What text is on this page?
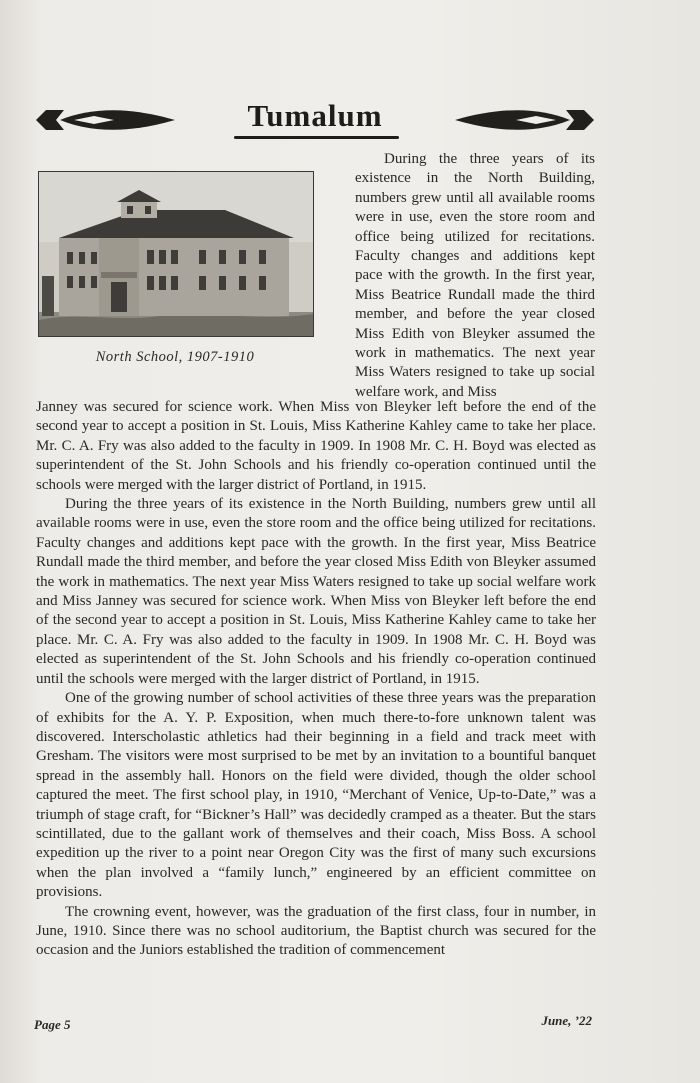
Tumalum
North School, 1907-1910

During the three years of its existence in the North Building, numbers grew until all available rooms were in use, even the store room and office being utilized for recitations. Faculty changes and additions kept pace with the growth. In the first year, Miss Beatrice Rundall made the third member, and before the year closed Miss Edith von Bleyker assumed the work in mathematics. The next year Miss Waters resigned to take up social welfare work, and Miss

Janney was secured for science work. When Miss von Bleyker left before the end of the second year to accept a position in St. Louis, Miss Katherine Kahley came to take her place. Mr. C. A. Fry was also added to the faculty in 1909. In 1908 Mr. C. H. Boyd was elected as superintendent of the St. John Schools and his friendly co-operation continued until the schools were merged with the larger district of Portland, in 1915.

During the three years of its existence in the North Building, numbers grew until all available rooms were in use, even the store room and the office being utilized for recitations. Faculty changes and additions kept pace with the growth. In the first year, Miss Beatrice Rundall made the third member, and before the year closed Miss Edith von Bleyker assumed the work in mathematics. The next year Miss Waters resigned to take up social welfare work and Miss Janney was secured for science work. When Miss von Bleyker left before the end of the second year to accept a position in St. Louis, Miss Katherine Kahley came to take her place. Mr. C. A. Fry was also added to the faculty in 1909. In 1908 Mr. C. H. Boyd was elected as superintendent of the St. John Schools and his friendly co-operation continued until the schools were merged with the larger district of Portland, in 1915.

One of the growing number of school activities of these three years was the preparation of exhibits for the A. Y. P. Exposition, when much there-to-fore unknown talent was discovered. Interscholastic athletics had their beginning in a field and track meet with Gresham. The visitors were most surprised to be met by an invitation to a bountiful banquet spread in the assembly hall. Honors on the field were divided, though the older school captured the meet. The first school play, in 1910, “Merchant of Venice, Up-to-Date,” was a triumph of stage craft, for “Bickner’s Hall” was decidedly cramped as a theater. But the stars scintillated, due to the gallant work of themselves and their coach, Miss Boss. A school expedition up the river to a point near Oregon City was the first of many such excursions when the plan involved a “family lunch,” engineered by an efficient committee on provisions.

The crowning event, however, was the graduation of the first class, four in number, in June, 1910. Since there was no school auditorium, the Baptist church was secured for the occasion and the Juniors established the tradition of commencement

Page 5	June, ’22
